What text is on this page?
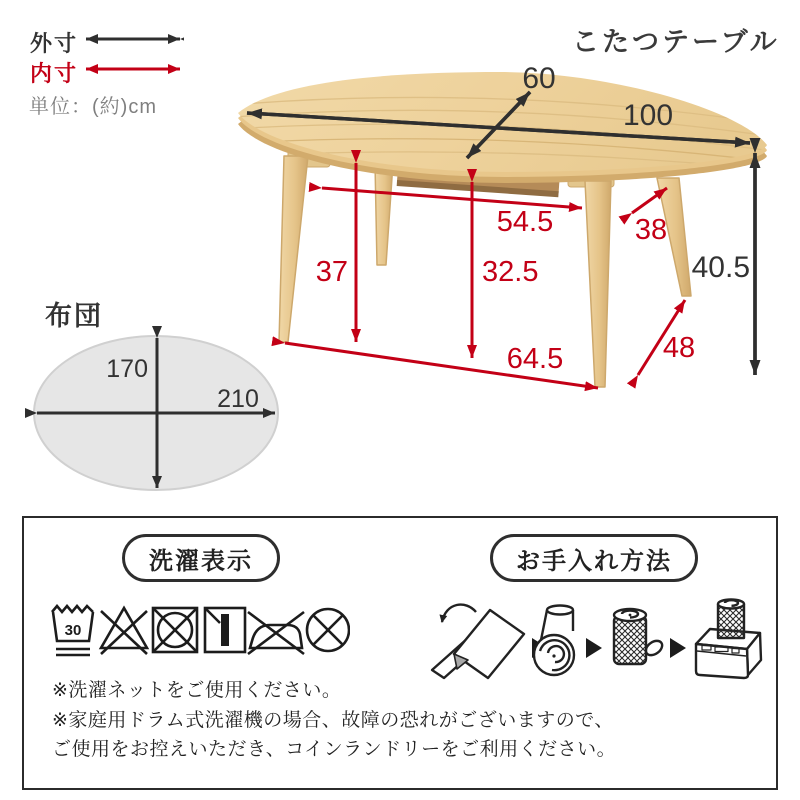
外寸
内寸
単位：(約)cm
こたつテーブル
60
100
40.5
54.5	38
37	32.5
64.5	48
布団
170
210
洗濯表示	お手入れ方法
30
※洗濯ネットをご使用ください。
※家庭用ドラム式洗濯機の場合、故障の恐れがございますので、
ご使用をお控えいただき、コインランドリーをご利用ください。
